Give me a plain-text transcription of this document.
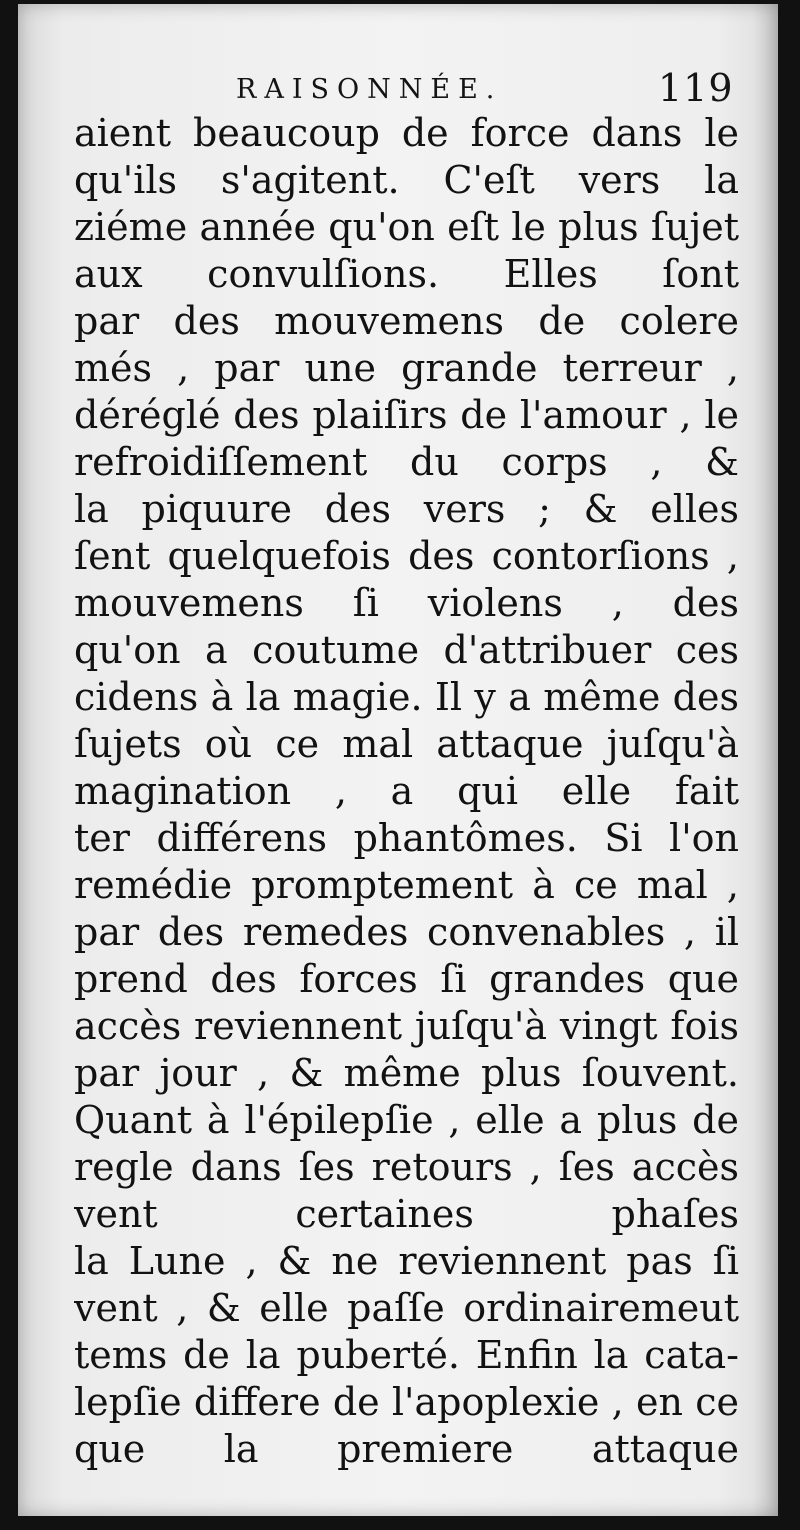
RAISONNÉE.	119
aient beaucoup de force dans le
qu'ils s'agitent. C'eſt vers la
ziéme année qu'on eſt le plus ſujet
aux convulſions. Elles ſont
par des mouvemens de colere
més , par une grande terreur ,
déréglé des plaiſirs de l'amour , le
refroidiſſement du corps , &
la piquure des vers ; & elles
ſent quelquefois des contorſions ,
mouvemens ſi violens , des
qu'on a coutume d'attribuer ces
cidens à la magie. Il y a même des
ſujets où ce mal attaque juſqu'à
magination , a qui elle fait
ter différens phantômes. Si l'on
remédie promptement à ce mal ,
par des remedes convenables , il
prend des forces ſi grandes que
accès reviennent juſqu'à vingt fois
par jour , & même plus ſouvent.
Quant à l'épilepſie , elle a plus de
regle dans ſes retours , ſes accès
vent certaines phaſes
la Lune , & ne reviennent pas ſi
vent , & elle paſſe ordinairemeut
tems de la puberté. Enfin la cata-
lepſie differe de l'apoplexie , en ce
que la premiere attaque
